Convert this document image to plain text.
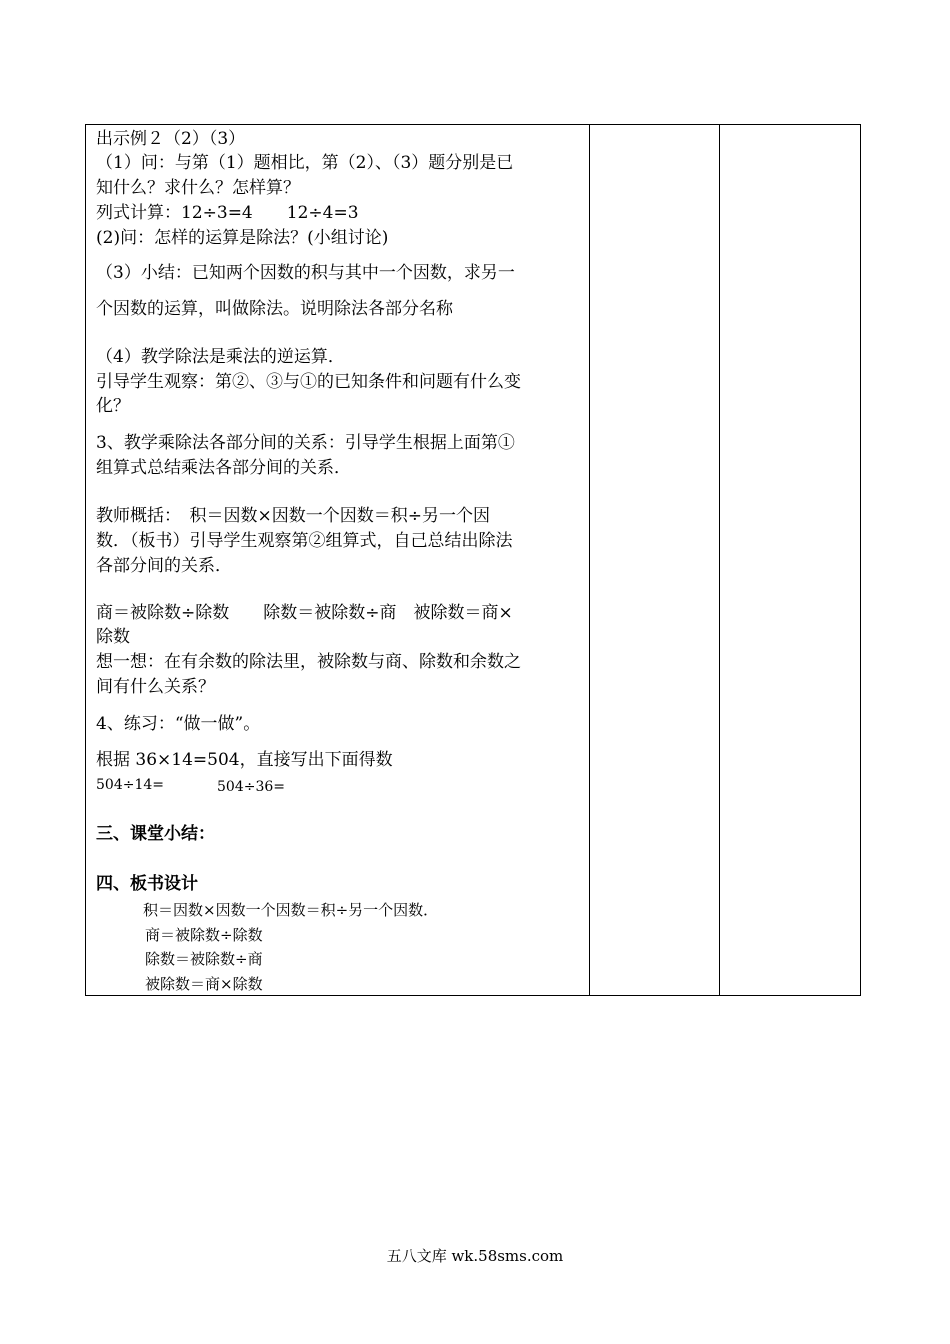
出示例２（2）（3）
（1）问：与第（1）题相比，第（2）、（3）题分别是已
知什么？求什么？怎样算？
列式计算：12÷3=4　　12÷4=3
(2)问：怎样的运算是除法？(小组讨论)
（3）小结：已知两个因数的积与其中一个因数，求另一
个因数的运算，叫做除法。说明除法各部分名称
（4）教学除法是乘法的逆运算．
引导学生观察：第②、③与①的已知条件和问题有什么变
化？
3、教学乘除法各部分间的关系：引导学生根据上面第①
组算式总结乘法各部分间的关系．
教师概括：　积＝因数×因数一个因数＝积÷另一个因
数．（板书）引导学生观察第②组算式，自己总结出除法
各部分间的关系．
商＝被除数÷除数　　除数＝被除数÷商　被除数＝商×
除数
想一想：在有余数的除法里，被除数与商、除数和余数之
间有什么关系？
4、练习：“做一做”。
根据 36×14=504，直接写出下面得数
504÷14=	504÷36=
三、课堂小结：
四、板书设计
积＝因数×因数一个因数＝积÷另一个因数．
商＝被除数÷除数
除数＝被除数÷商
被除数＝商×除数
五八文库 wk.58sms.com
